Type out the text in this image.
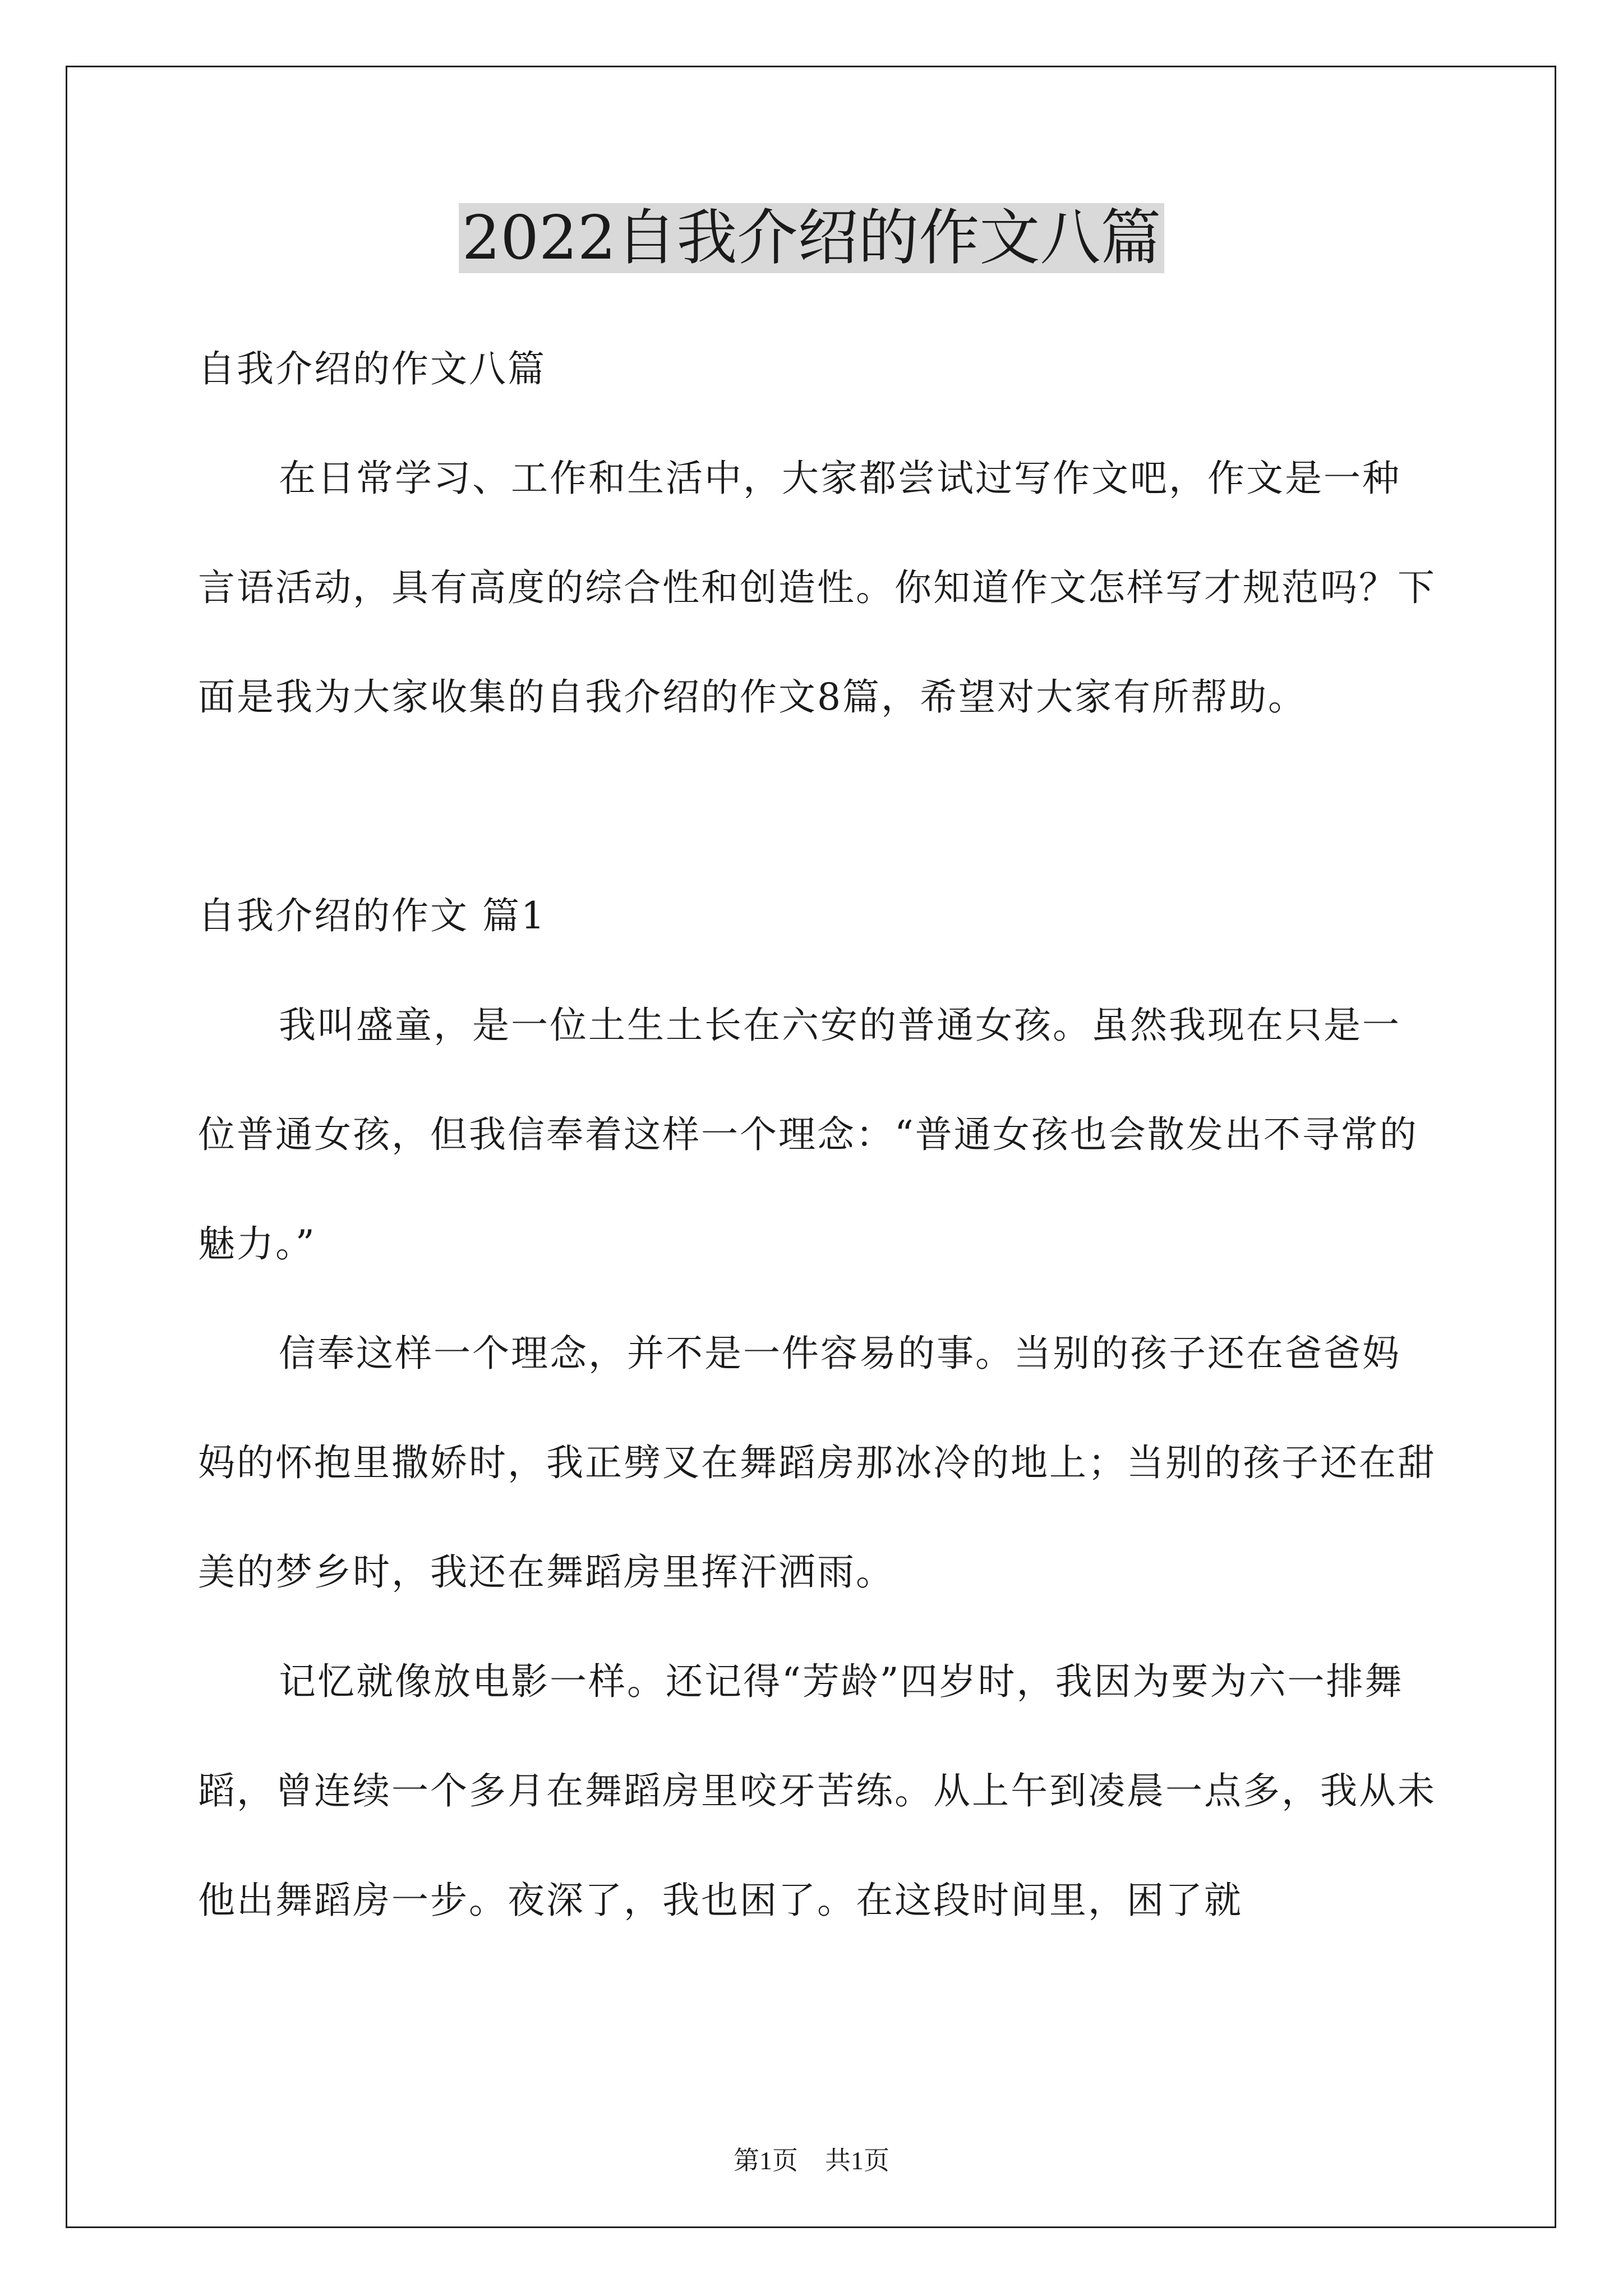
2022自我介绍的作文八篇

自我介绍的作文八篇

在日常学习、工作和生活中，大家都尝试过写作文吧，作文是一种言语活动，具有高度的综合性和创造性。你知道作文怎样写才规范吗？下面是我为大家收集的自我介绍的作文8篇，希望对大家有所帮助。

自我介绍的作文 篇1

我叫盛童，是一位土生土长在六安的普通女孩。虽然我现在只是一位普通女孩，但我信奉着这样一个理念：“普通女孩也会散发出不寻常的魅力。”

信奉这样一个理念，并不是一件容易的事。当别的孩子还在爸爸妈妈的怀抱里撒娇时，我正劈叉在舞蹈房那冰冷的地上；当别的孩子还在甜美的梦乡时，我还在舞蹈房里挥汗洒雨。

记忆就像放电影一样。还记得“芳龄”四岁时，我因为要为六一排舞蹈，曾连续一个多月在舞蹈房里咬牙苦练。从上午到凌晨一点多，我从未他出舞蹈房一步。夜深了，我也困了。在这段时间里，困了就

第1页 共1页
